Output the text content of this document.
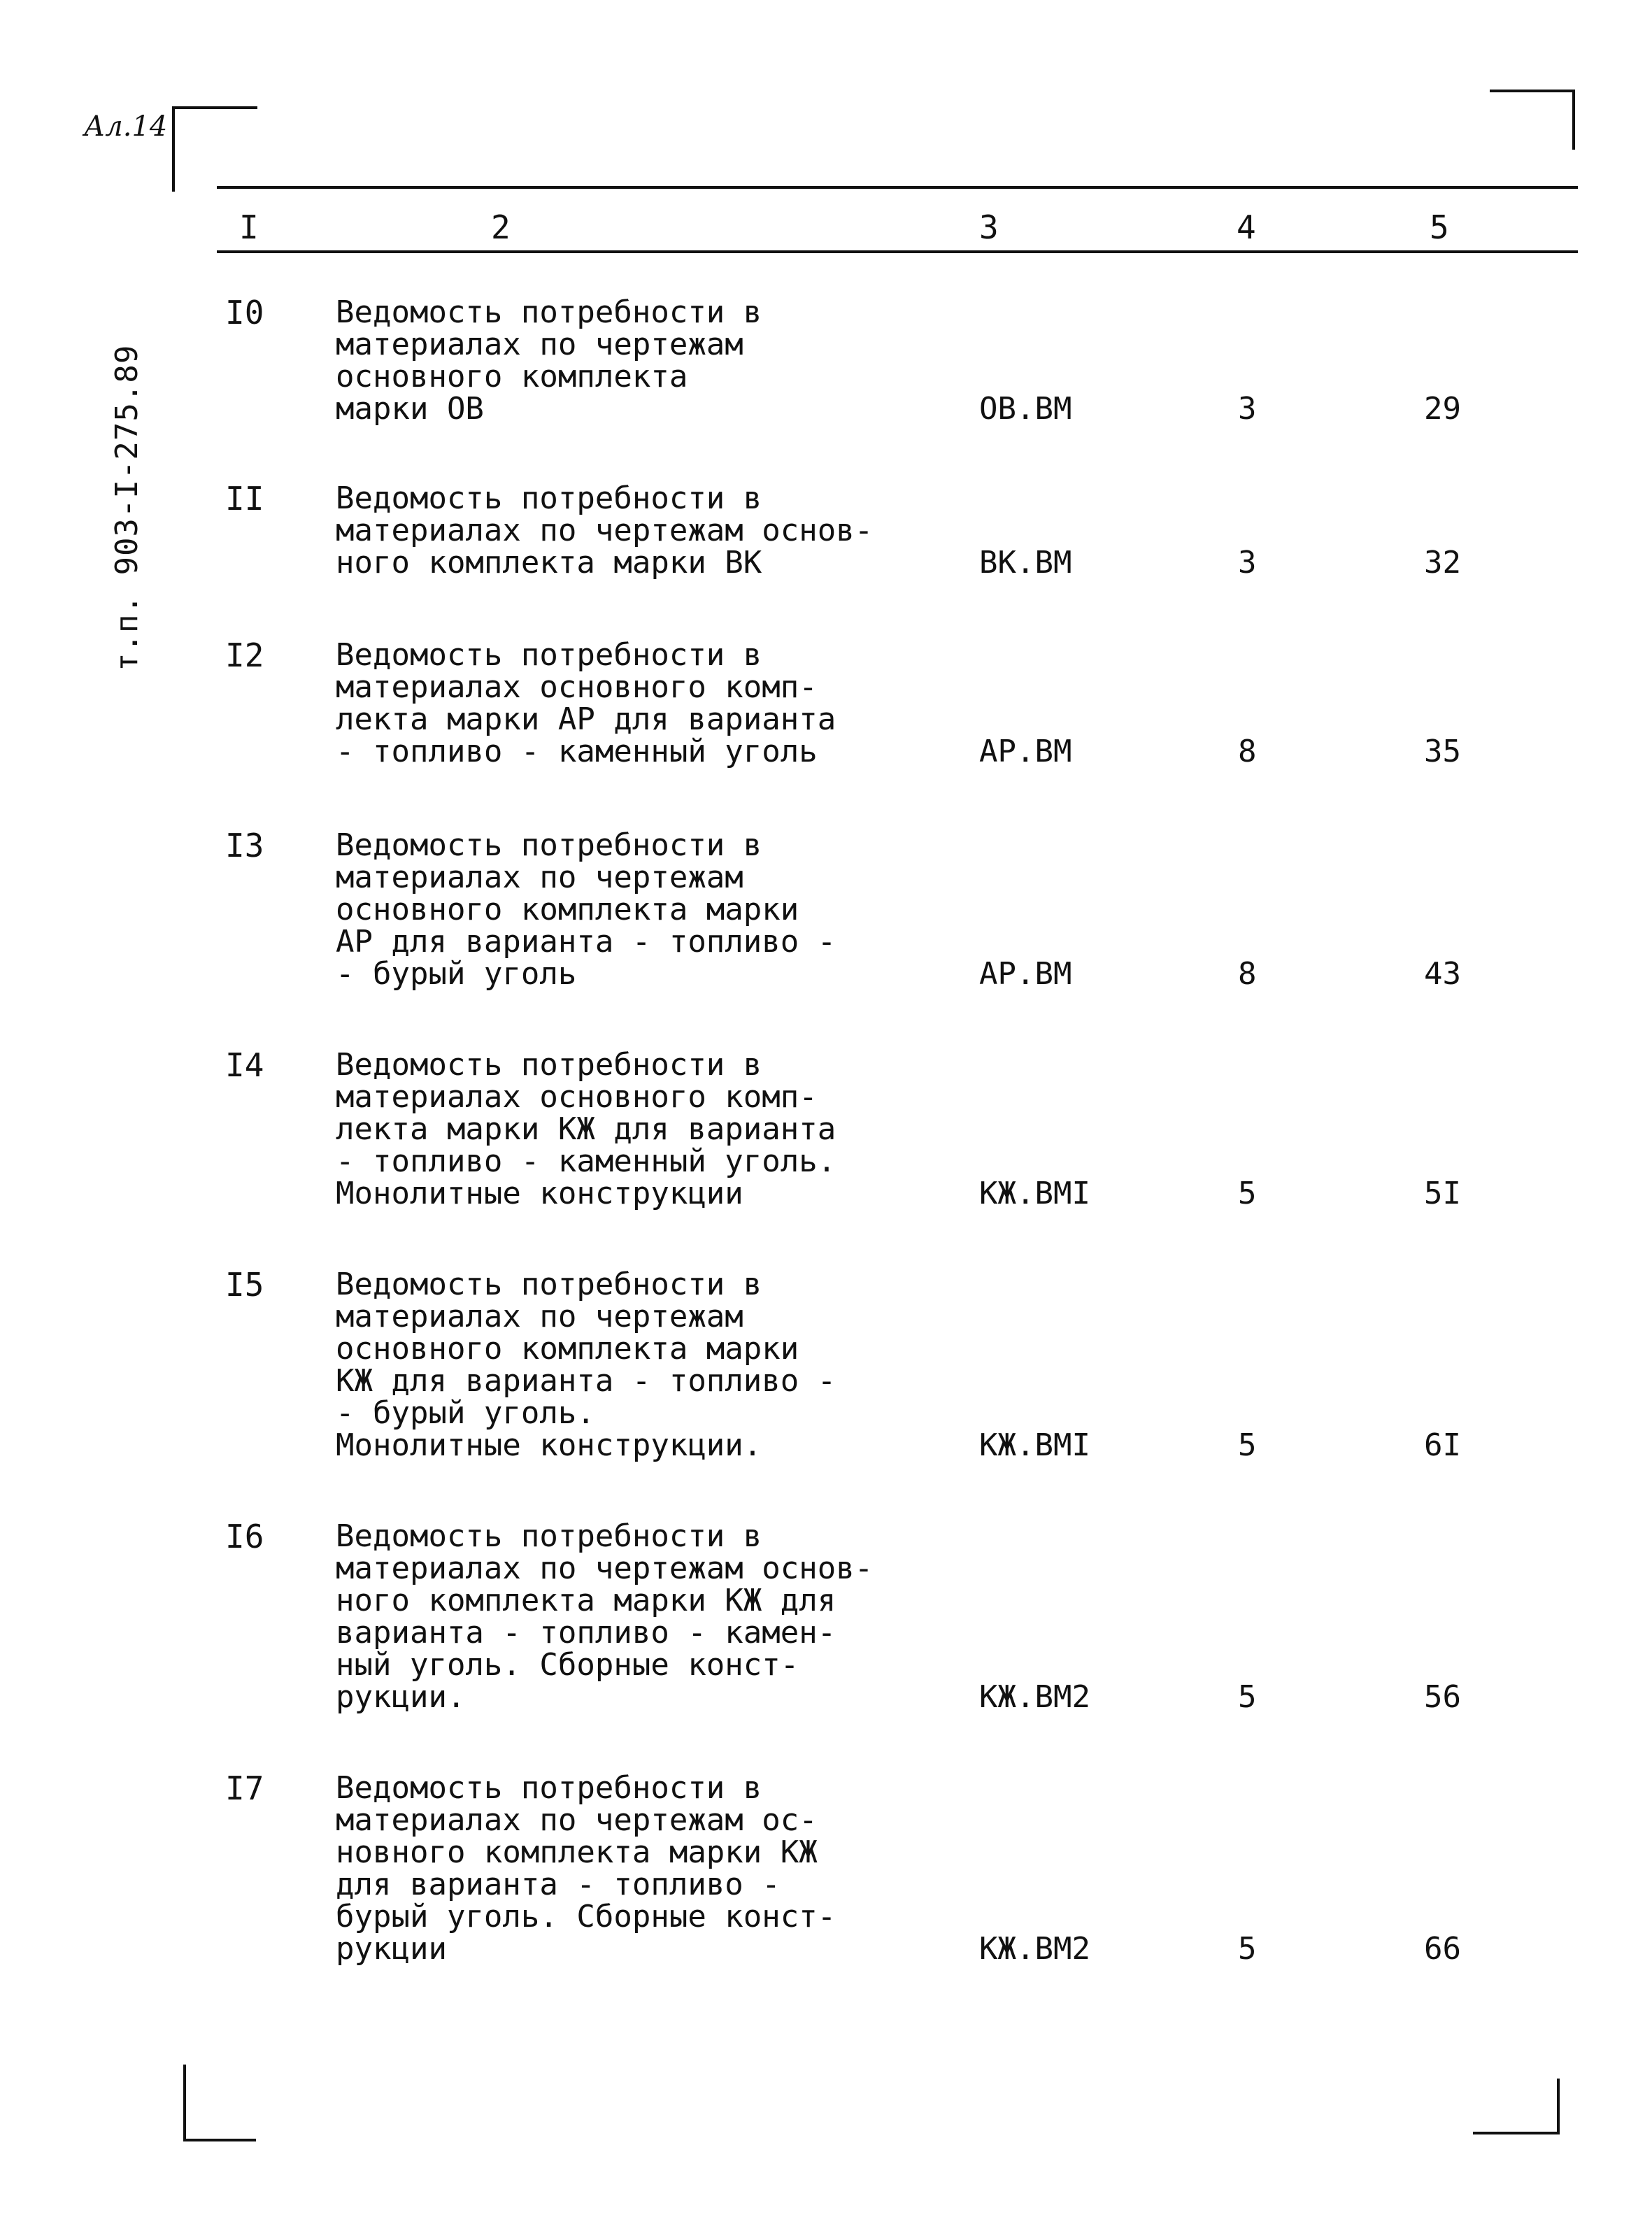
Ал.14
т.п. 903-I-275.89
I	2	3	4	5
I0 Ведомость потребности в
материалах по чертежам
основного комплекта
марки ОВ	ОВ.ВМ	3	29
II Ведомость потребности в
материалах по чертежам основ-
ного комплекта марки ВК	ВК.ВМ	3	32
I2 Ведомость потребности в
материалах основного комп-
лекта марки АР для варианта
- топливо - каменный уголь	АР.ВМ	8	35
I3 Ведомость потребности в
материалах по чертежам
основного комплекта марки
АР для варианта - топливо -
- бурый уголь	АР.ВМ	8	43
I4 Ведомость потребности в
материалах основного комп-
лекта марки КЖ для варианта
- топливо - каменный уголь.
Монолитные конструкции	КЖ.ВМI	5	5I
I5 Ведомость потребности в
материалах по чертежам
основного комплекта марки
КЖ для варианта - топливо -
- бурый уголь.
Монолитные конструкции.	КЖ.ВМI	5	6I
I6 Ведомость потребности в
материалах по чертежам основ-
ного комплекта марки КЖ для
варианта - топливо - камен-
ный уголь. Сборные конст-
рукции.	КЖ.ВМ2	5	56
I7 Ведомость потребности в
материалах по чертежам ос-
новного комплекта марки КЖ
для варианта - топливо -
бурый уголь. Сборные конст-
рукции	КЖ.ВМ2	5	66
